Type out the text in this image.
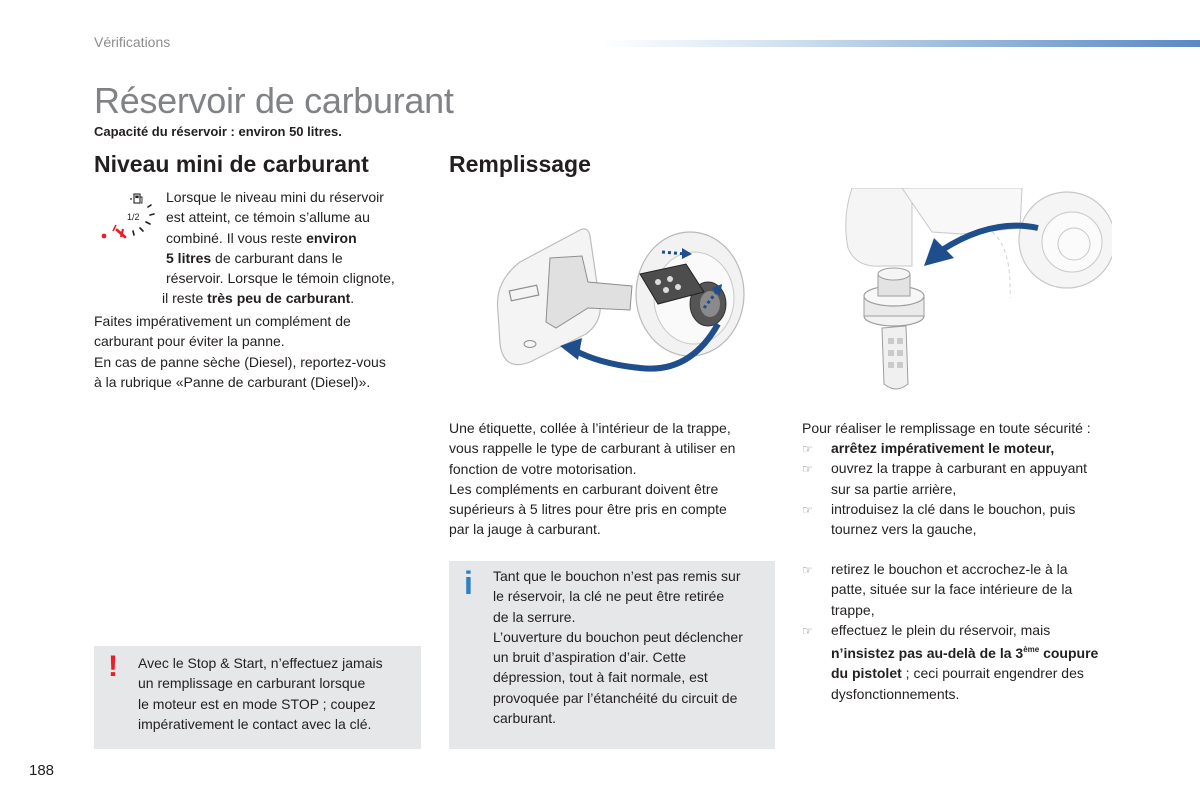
Vérifications
Réservoir de carburant
Capacité du réservoir : environ 50 litres.
Niveau mini de carburant	Remplissage
1/2

Lorsque le niveau mini du réservoir

est atteint, ce témoin s’allume au

combiné. Il vous reste environ

5 litres de carburant dans le

réservoir. Lorsque le témoin clignote,

il reste très peu de carburant.

Faites impérativement un complément de

carburant pour éviter la panne.

En cas de panne sèche (Diesel), reportez-vous

à la rubrique «Panne de carburant (Diesel)».

Une étiquette, collée à l’intérieur de la trappe,

vous rappelle le type de carburant à utiliser en

fonction de votre motorisation.

Les compléments en carburant doivent être

supérieurs à 5 litres pour être pris en compte

par la jauge à carburant.

Pour réaliser le remplissage en toute sécurité :
☞ arrêtez impérativement le moteur,
☞ ouvrez la trappe à carburant en appuyant
sur sa partie arrière,
☞ introduisez la clé dans le bouchon, puis
tournez vers la gauche,
☞ retirez le bouchon et accrochez-le à la
patte, située sur la face intérieure de la
trappe,
☞ effectuez le plein du réservoir, mais
n’insistez pas au-delà de la 3ème coupure
du pistolet ; ceci pourrait engendrer des
dysfonctionnements.
i Tant que le bouchon n’est pas remis sur

le réservoir, la clé ne peut être retirée

de la serrure.

L’ouverture du bouchon peut déclencher

un bruit d’aspiration d’air. Cette

dépression, tout à fait normale, est

provoquée par l’étanchéité du circuit de

carburant.

! Avec le Stop & Start, n’effectuez jamais

un remplissage en carburant lorsque

le moteur est en mode STOP ; coupez

impérativement le contact avec la clé.

188
